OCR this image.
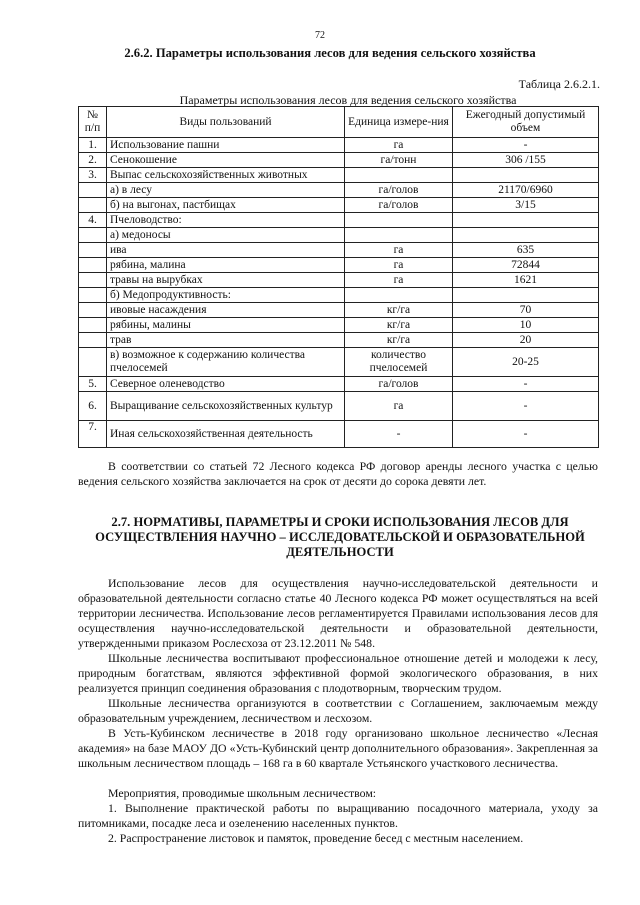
72
2.6.2. Параметры использования лесов для ведения сельского хозяйства
Таблица 2.6.2.1.
Параметры использования лесов для ведения сельского хозяйства
№ п/п	Виды пользований	Единица измере-ния	Ежегодный допустимый объем
1.	Использование пашни	га	-
2.	Сенокошение	га/тонн	306 /155
3.	Выпас сельскохозяйственных животных		
	а) в лесу	га/голов	21170/6960
	б) на выгонах, пастбищах	га/голов	3/15
4.	Пчеловодство:		
	а) медоносы		
	ива	га	635
	рябина, малина	га	72844
	травы на вырубках	га	1621
	б) Медопродуктивность:		
	ивовые насаждения	кг/га	70
	рябины, малины	кг/га	10
	трав	кг/га	20
	в) возможное к содержанию количества пчелосемей	количество пчелосемей	20-25
5.	Северное оленеводство	га/голов	-
6.	Выращивание сельскохозяйственных культур	га	-
7.	Иная сельскохозяйственная деятельность	-	-

В соответствии со статьей 72 Лесного кодекса РФ договор аренды лесного участка с целью ведения сельского хозяйства заключается на срок от десяти до сорока девяти лет.

2.7. НОРМАТИВЫ, ПАРАМЕТРЫ И СРОКИ ИСПОЛЬЗОВАНИЯ ЛЕСОВ ДЛЯ
ОСУЩЕСТВЛЕНИЯ НАУЧНО – ИССЛЕДОВАТЕЛЬСКОЙ И ОБРАЗОВАТЕЛЬНОЙ
ДЕЯТЕЛЬНОСТИ

Использование лесов для осуществления научно-исследовательской деятельности и образовательной деятельности согласно статье 40 Лесного кодекса РФ может осуществляться на всей территории лесничества. Использование лесов регламентируется Правилами использования лесов для осуществления научно-исследовательской деятельности и образовательной деятельности, утвержденными приказом Рослесхоза от 23.12.2011 № 548.

Школьные лесничества воспитывают профессиональное отношение детей и молодежи к лесу, природным богатствам, являются эффективной формой экологического образования, в них реализуется принцип соединения образования с плодотворным, творческим трудом.

Школьные лесничества организуются в соответствии с Соглашением, заключаемым между образовательным учреждением, лесничеством и лесхозом.

В Усть-Кубинском лесничестве в 2018 году организовано школьное лесничество «Лесная академия» на базе МАОУ ДО «Усть-Кубинский центр дополнительного образования». Закрепленная за школьным лесничеством площадь – 168 га в 60 квартале Устьянского участкового лесничества.

Мероприятия, проводимые школьным лесничеством:

1. Выполнение практической работы по выращиванию посадочного материала, уходу за питомниками, посадке леса и озеленению населенных пунктов.

2. Распространение листовок и памяток, проведение бесед с местным населением.
